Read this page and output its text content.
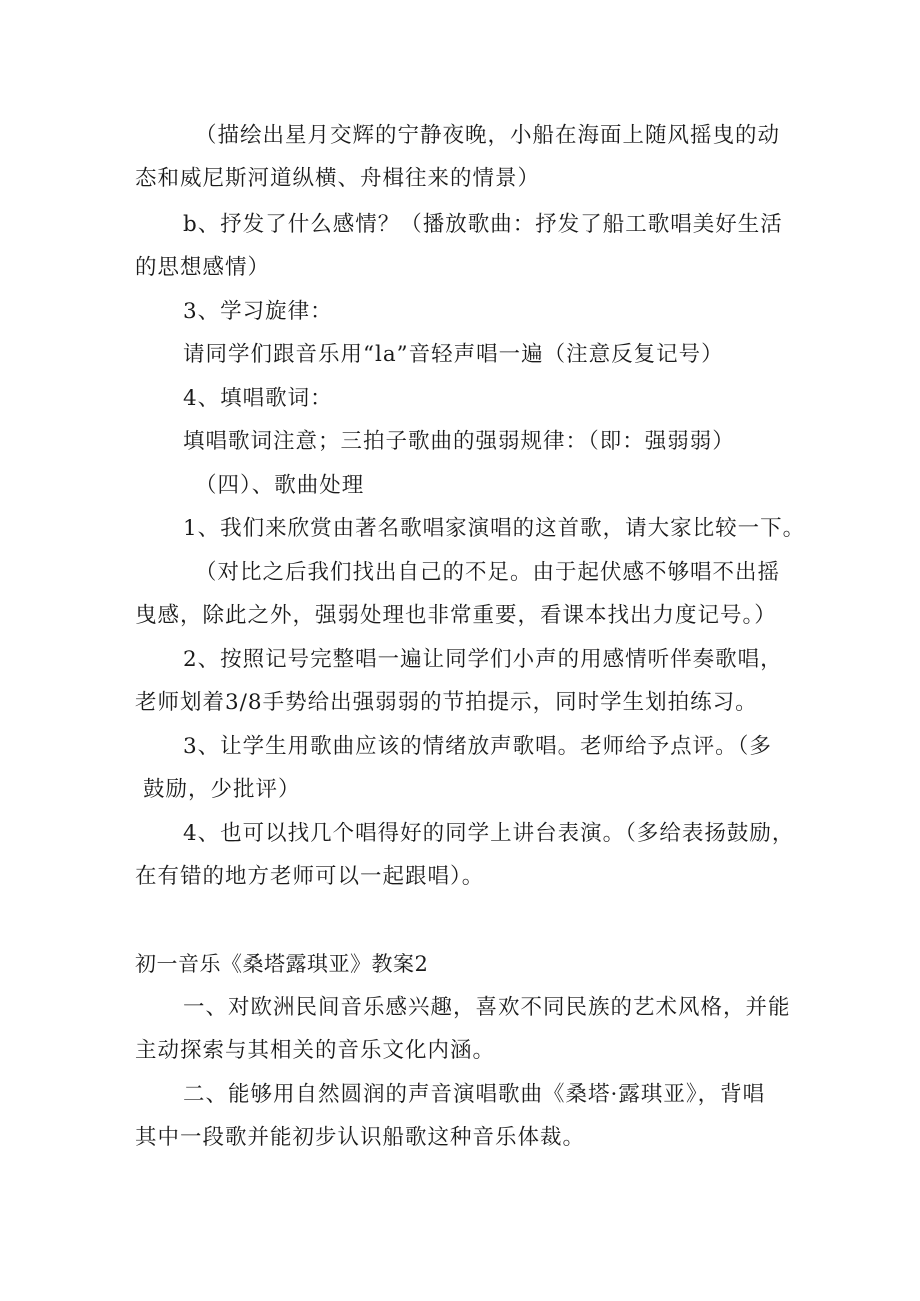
（描绘出星月交辉的宁静夜晚，小船在海面上随风摇曳的动
态和威尼斯河道纵横、舟楫往来的情景）
b、抒发了什么感情？（播放歌曲：抒发了船工歌唱美好生活
的思想感情）
3、学习旋律：
请同学们跟音乐用“la”音轻声唱一遍（注意反复记号）
4、填唱歌词：
填唱歌词注意；三拍子歌曲的强弱规律：（即：强弱弱）
（四）、歌曲处理
1、我们来欣赏由著名歌唱家演唱的这首歌，请大家比较一下。
（对比之后我们找出自己的不足。由于起伏感不够唱不出摇
曳感，除此之外，强弱处理也非常重要，看课本找出力度记号。）
2、按照记号完整唱一遍让同学们小声的用感情听伴奏歌唱，
老师划着3/8手势给出强弱弱的节拍提示，同时学生划拍练习。
3、让学生用歌曲应该的情绪放声歌唱。老师给予点评。（多
鼓励，少批评）
4、也可以找几个唱得好的同学上讲台表演。（多给表扬鼓励，
在有错的地方老师可以一起跟唱）。
初一音乐《桑塔露琪亚》教案2
一、对欧洲民间音乐感兴趣，喜欢不同民族的艺术风格，并能
主动探索与其相关的音乐文化内涵。
二、能够用自然圆润的声音演唱歌曲《桑塔·露琪亚》，背唱
其中一段歌并能初步认识船歌这种音乐体裁。
